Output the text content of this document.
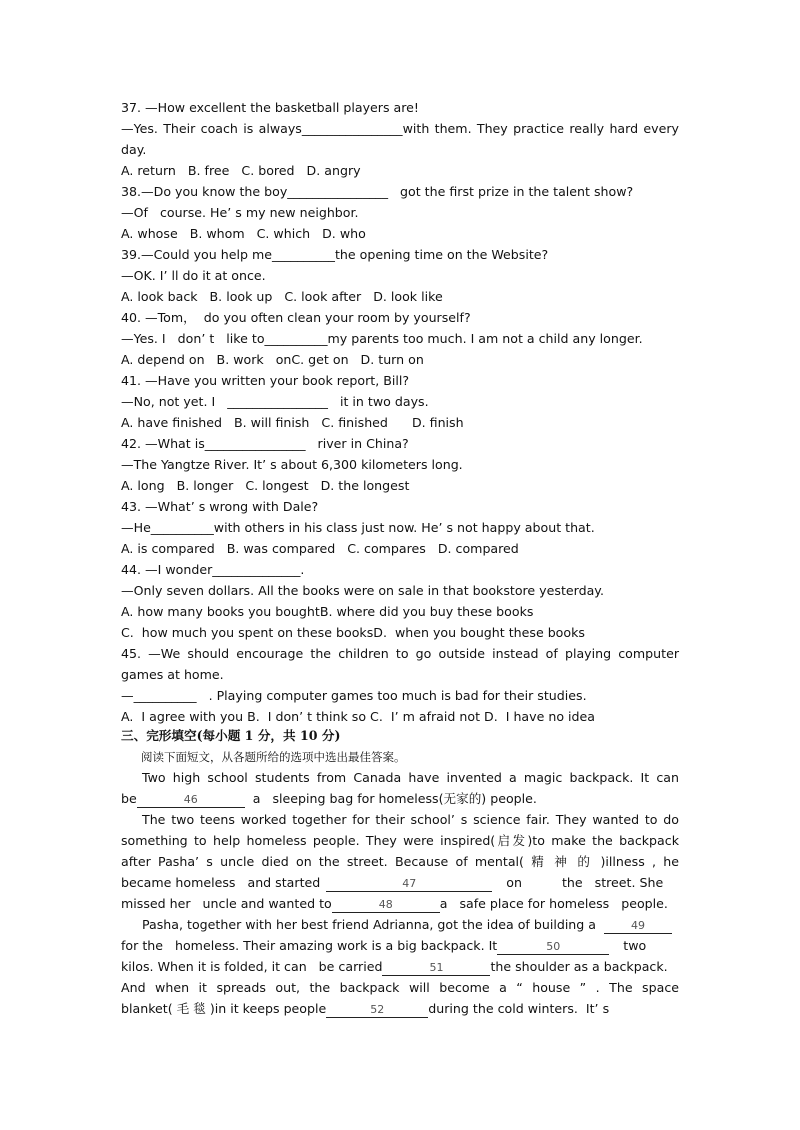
37. —How excellent the basketball players are!
—Yes. Their coach is always________________with them. They practice really hard every
day.
A. return   B. free   C. bored   D. angry
38.—Do you know the boy________________   got the first prize in the talent show?
—Of   course. He’ s my new neighbor.
A. whose   B. whom   C. which   D. who
39.—Could you help me__________the opening time on the Website?
—OK. I’ ll do it at once.
A. look back   B. look up   C. look after   D. look like
40. —Tom，  do you often clean your room by yourself?
—Yes. I   don’ t   like to__________my parents too much. I am not a child any longer.
A. depend on   B. work   onC. get on   D. turn on
41. —Have you written your book report, Bill?
—No, not yet. I   ________________   it in two days.
A. have finished   B. will finish   C. finished      D. finish
42. —What is________________   river in China?
—The Yangtze River. It’ s about 6,300 kilometers long.
A. long   B. longer   C. longest   D. the longest
43. —What’ s wrong with Dale?
—He__________with others in his class just now. He’ s not happy about that.
A. is compared   B. was compared   C. compares   D. compared
44. —I wonder______________.
—Only seven dollars. All the books were on sale in that bookstore yesterday.
A. how many books you boughtB. where did you buy these books
C.  how much you spent on these booksD.  when you bought these books
45. —We should encourage the children to go outside instead of playing computer
games at home.
—__________   . Playing computer games too much is bad for their studies.
A.  I agree with you B.  I don’ t think so C.  I’ m afraid not D.  I have no idea
三、完形填空(每小题 1 分，共 10 分)
阅读下面短文，从各题所给的选项中选出最佳答案。
Two high school students from Canada have invented a magic backpack. It can
be	46	a   sleeping bag for homeless(无家的) people.
The two teens worked together for their school’ s science fair. They wanted to do
something to help homeless people. They were inspired(启发)to make the backpack
after Pasha’ s uncle died on the street. Because of mental( 精 神 的 )illness , he
became homeless   and started	47	on          the   street. She
missed her   uncle and wanted to	48	a   safe place for homeless   people.
Pasha, together with her best friend Adrianna, got the idea of building a	49
for the   homeless. Their amazing work is a big backpack. It	50	two
kilos. When it is folded, it can   be carried	51	the shoulder as a backpack.
And when it spreads out, the backpack will become a “ house ” . The space
blanket( 毛 毯 )in it keeps people	52	during the cold winters.  It’ s
